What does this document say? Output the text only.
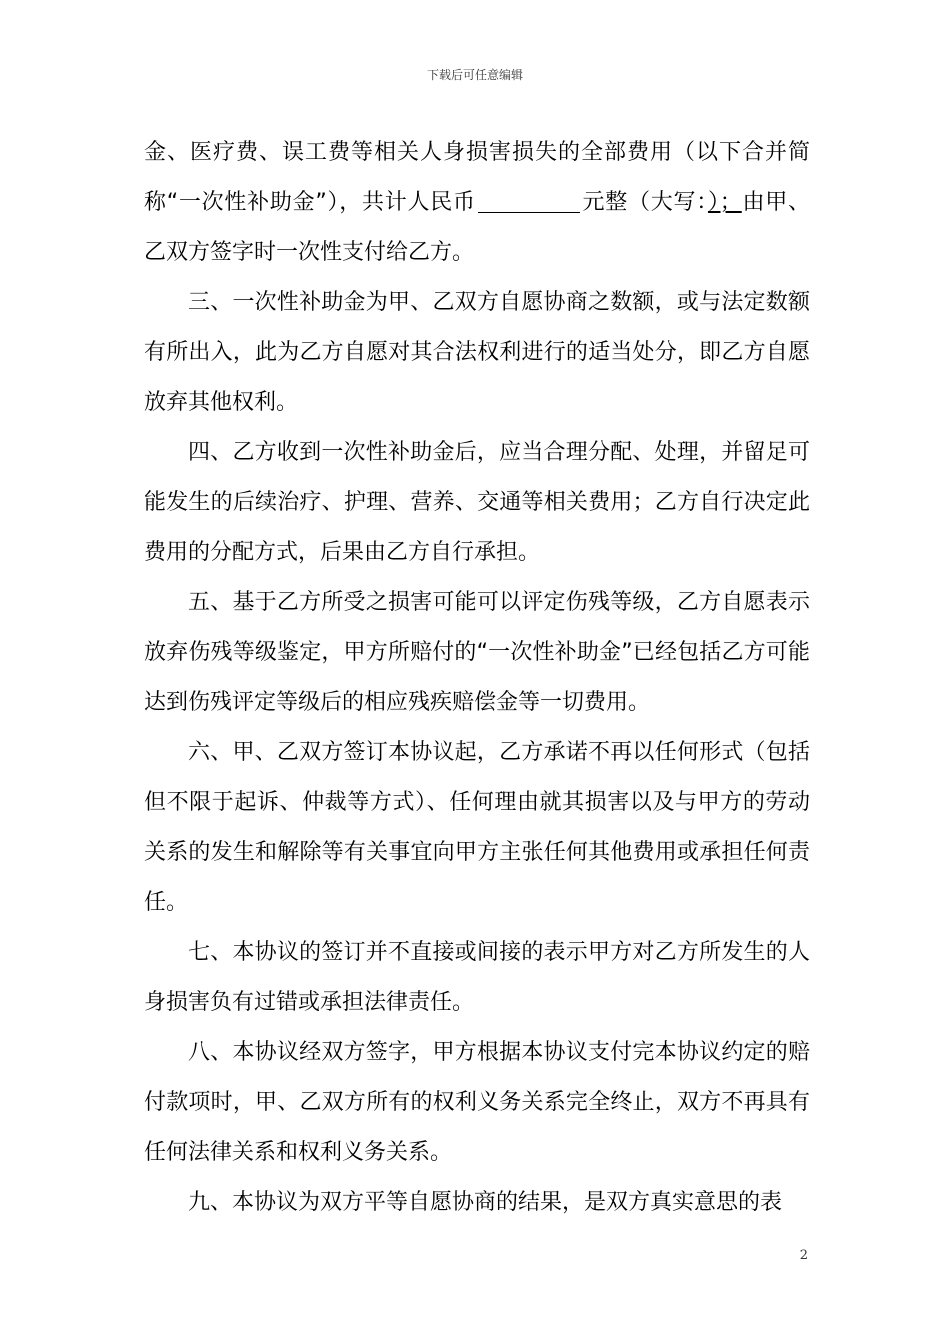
下载后可任意编辑

金、医疗费、误工费等相关人身损害损失的全部费用（以下合并简称“一次性补助金”），共计人民币	元整（大写：）；由甲、乙双方签字时一次性支付给乙方。

三、一次性补助金为甲、乙双方自愿协商之数额，或与法定数额有所出入，此为乙方自愿对其合法权利进行的适当处分，即乙方自愿放弃其他权利。

四、乙方收到一次性补助金后，应当合理分配、处理，并留足可能发生的后续治疗、护理、营养、交通等相关费用；乙方自行决定此费用的分配方式，后果由乙方自行承担。

五、基于乙方所受之损害可能可以评定伤残等级，乙方自愿表示放弃伤残等级鉴定，甲方所赔付的“一次性补助金”已经包括乙方可能达到伤残评定等级后的相应残疾赔偿金等一切费用。

六、甲、乙双方签订本协议起，乙方承诺不再以任何形式（包括但不限于起诉、仲裁等方式）、任何理由就其损害以及与甲方的劳动关系的发生和解除等有关事宜向甲方主张任何其他费用或承担任何责任。

七、本协议的签订并不直接或间接的表示甲方对乙方所发生的人身损害负有过错或承担法律责任。

八、本协议经双方签字，甲方根据本协议支付完本协议约定的赔付款项时，甲、乙双方所有的权利义务关系完全终止，双方不再具有任何法律关系和权利义务关系。

九、本协议为双方平等自愿协商的结果，是双方真实意思的表

2
